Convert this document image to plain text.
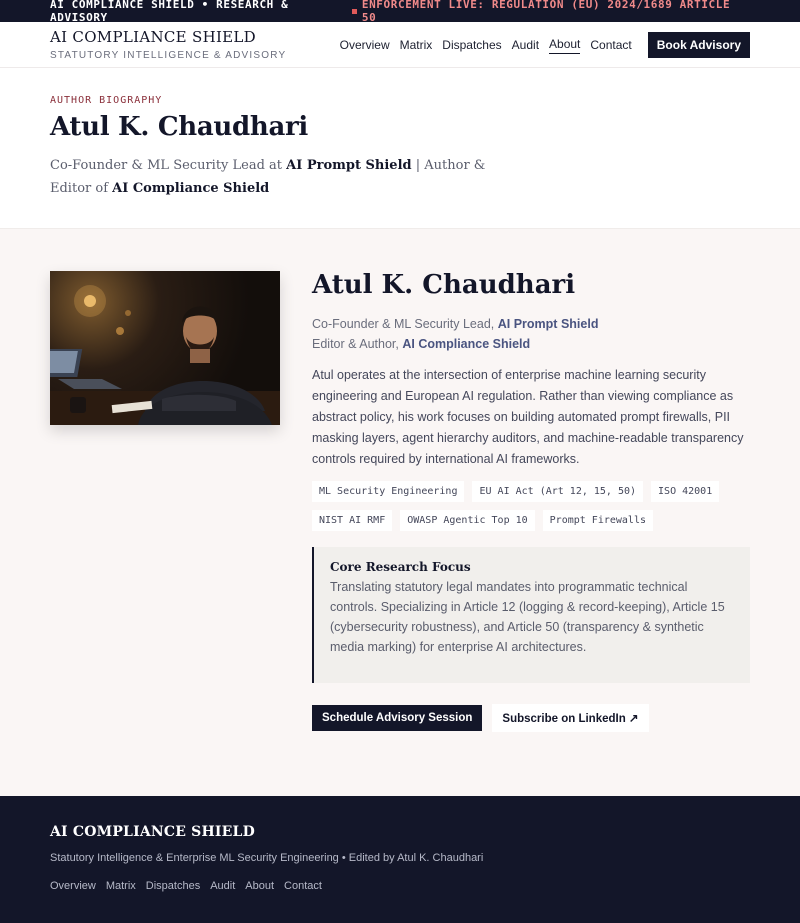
AI COMPLIANCE SHIELD • RESEARCH & ADVISORY
ENFORCEMENT LIVE: REGULATION (EU) 2024/1689 ARTICLE 50
AI COMPLIANCE SHIELD
STATUTORY INTELLIGENCE & ADVISORY
Overview Matrix Dispatches Audit About Contact	Book Advisory
AUTHOR BIOGRAPHY
Atul K. Chaudhari

Co-Founder & ML Security Lead at AI Prompt Shield | Author & Editor of AI Compliance Shield

Atul K. Chaudhari
Co-Founder & ML Security Lead, AI Prompt Shield
Editor & Author, AI Compliance Shield

Atul operates at the intersection of enterprise machine learning security engineering and European AI regulation. Rather than viewing compliance as abstract policy, his work focuses on building automated prompt firewalls, PII masking layers, agent hierarchy auditors, and machine-readable transparency controls required by international AI frameworks.

ML Security Engineering	EU AI Act (Art 12, 15, 50)	ISO 42001
NIST AI RMF	OWASP Agentic Top 10	Prompt Firewalls
Core Research Focus

Translating statutory legal mandates into programmatic technical controls. Specializing in Article 12 (logging & record-keeping), Article 15 (cybersecurity robustness), and Article 50 (transparency & synthetic media marking) for enterprise AI architectures.

Schedule Advisory Session	Subscribe on LinkedIn ↗
AI COMPLIANCE SHIELD
Statutory Intelligence & Enterprise ML Security Engineering • Edited by Atul K. Chaudhari
Overview Matrix Dispatches Audit About Contact
